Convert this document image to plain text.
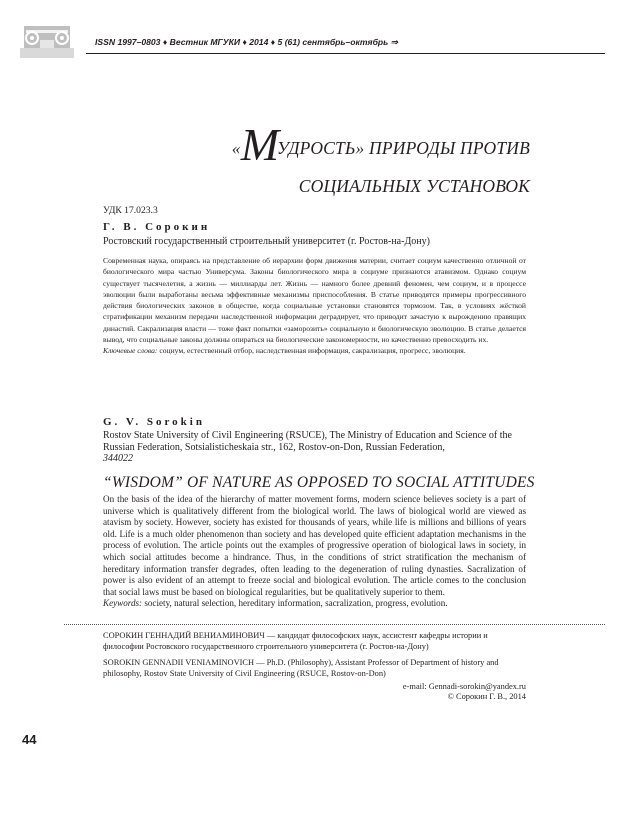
ISSN 1997–0803 ♦ Вестник МГУКИ ♦ 2014 ♦ 5 (61) сентябрь–октябрь ⇒
«МУДРОСТЬ» ПРИРОДЫ ПРОТИВ
СОЦИАЛЬНЫХ УСТАНОВОК
УДК 17.023.3
Г. В. Сорокин
Ростовский государственный строительный университет (г. Ростов-на-Дону)
Современная наука, опираясь на представление об иерархии форм движения материи, считает социум качественно отличной от биологического мира частью Универсума. Законы биологического мира в социуме признаются атавизмом. Однако социум существует тысячелетия, а жизнь — миллиарды лет. Жизнь — намного более древний феномен, чем социум, и в процессе эволюции были выработаны весьма эффективные механизмы приспособления. В статье приводятся примеры прогрессивного действия биологических законов в обществе, когда социальные установки становятся тормозом. Так, в условиях жёсткой стратификации механизм передачи наследственной информации деградирует, что приводит зачастую к вырождению правящих династий. Сакрализация власти — тоже факт попытки «заморозить» социальную и биологическую эволюцию. В статье делается вывод, что социальные законы должны опираться на биологические закономерности, но качественно превосходить их.
Ключевые слова: социум, естественный отбор, наследственная информация, сакрализация, прогресс, эволюция.
G. V. Sorokin
Rostov State University of Civil Engineering (RSUCE), The Ministry of Education and Science of the Russian Federation, Sotsialisticheskaia str., 162, Rostov-on-Don, Russian Federation,
344022
“WISDOM” OF NATURE AS OPPOSED TO SOCIAL ATTITUDES
On the basis of the idea of the hierarchy of matter movement forms, modern science believes society is a part of universe which is qualitatively different from the biological world. The laws of biological world are viewed as atavism by society. However, society has existed for thousands of years, while life is millions and billions of years old. Life is a much older phenomenon than society and has developed quite efficient adaptation mechanisms in the process of evolution. The article points out the examples of progressive operation of biological laws in society, in which social attitudes become a hindrance. Thus, in the conditions of strict stratification the mechanism of hereditary information transfer degrades, often leading to the degeneration of ruling dynasties. Sacralization of power is also evident of an attempt to freeze social and biological evolution. The article comes to the conclusion that social laws must be based on biological regularities, but be qualitatively superior to them.
Keywords: society, natural selection, hereditary information, sacralization, progress, evolution.
СОРОКИН ГЕННАДИЙ ВЕНИАМИНОВИЧ — кандидат философских наук, ассистент кафедры истории и философии Ростовского государственного строительного университета (г. Ростов-на-Дону)
SOROKIN GENNADII VENIAMINOVICH — Ph.D. (Philosophy), Assistant Professor of Department of history and philosophy, Rostov State University of Civil Engineering (RSUCE, Rostov-on-Don)
e-mail: Gennadi-sorokin@yandex.ru
© Сорокин Г. В., 2014
44
